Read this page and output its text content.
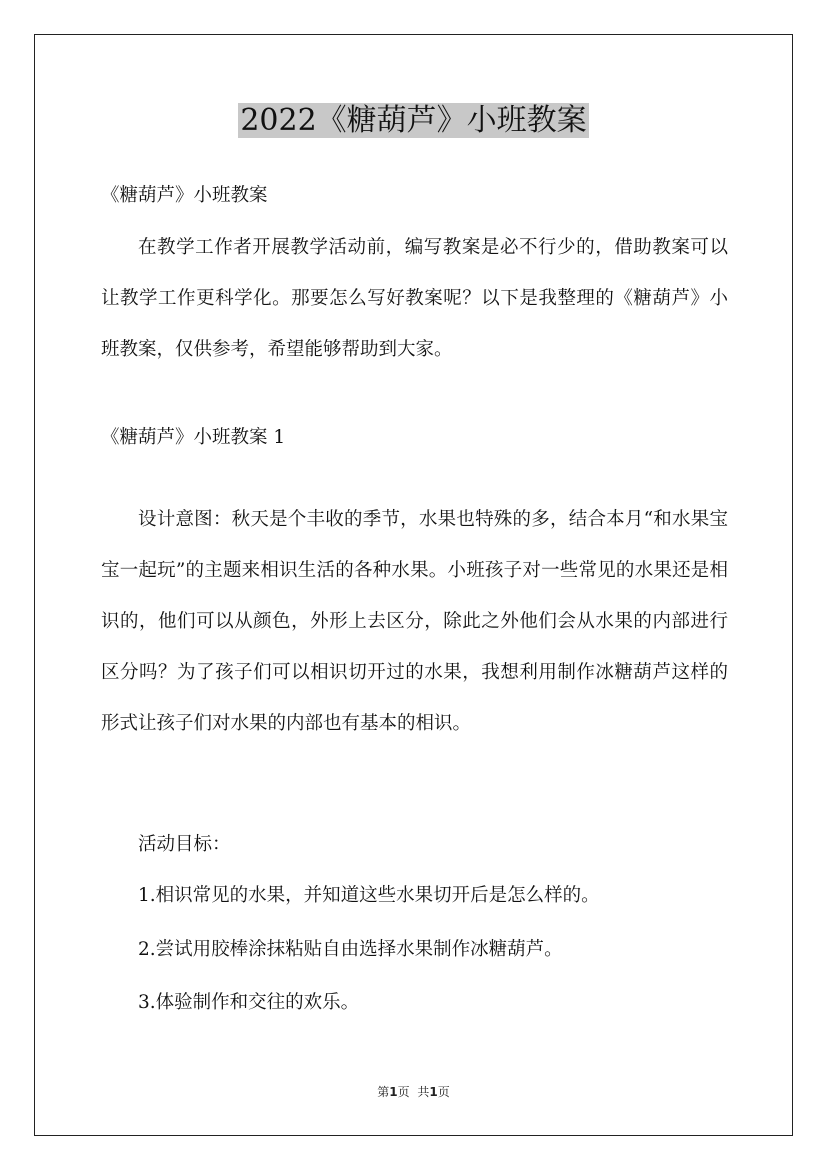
2022《糖葫芦》小班教案

《糖葫芦》小班教案

在教学工作者开展教学活动前，编写教案是必不行少的，借助教案可以让教学工作更科学化。那要怎么写好教案呢？以下是我整理的《糖葫芦》小班教案，仅供参考，希望能够帮助到大家。

《糖葫芦》小班教案 1

设计意图：秋天是个丰收的季节，水果也特殊的多，结合本月“和水果宝宝一起玩”的主题来相识生活的各种水果。小班孩子对一些常见的水果还是相识的，他们可以从颜色，外形上去区分，除此之外他们会从水果的内部进行区分吗？为了孩子们可以相识切开过的水果，我想利用制作冰糖葫芦这样的形式让孩子们对水果的内部也有基本的相识。

活动目标：

1.相识常见的水果，并知道这些水果切开后是怎么样的。

2.尝试用胶棒涂抹粘贴自由选择水果制作冰糖葫芦。

3.体验制作和交往的欢乐。

第1页 共1页
